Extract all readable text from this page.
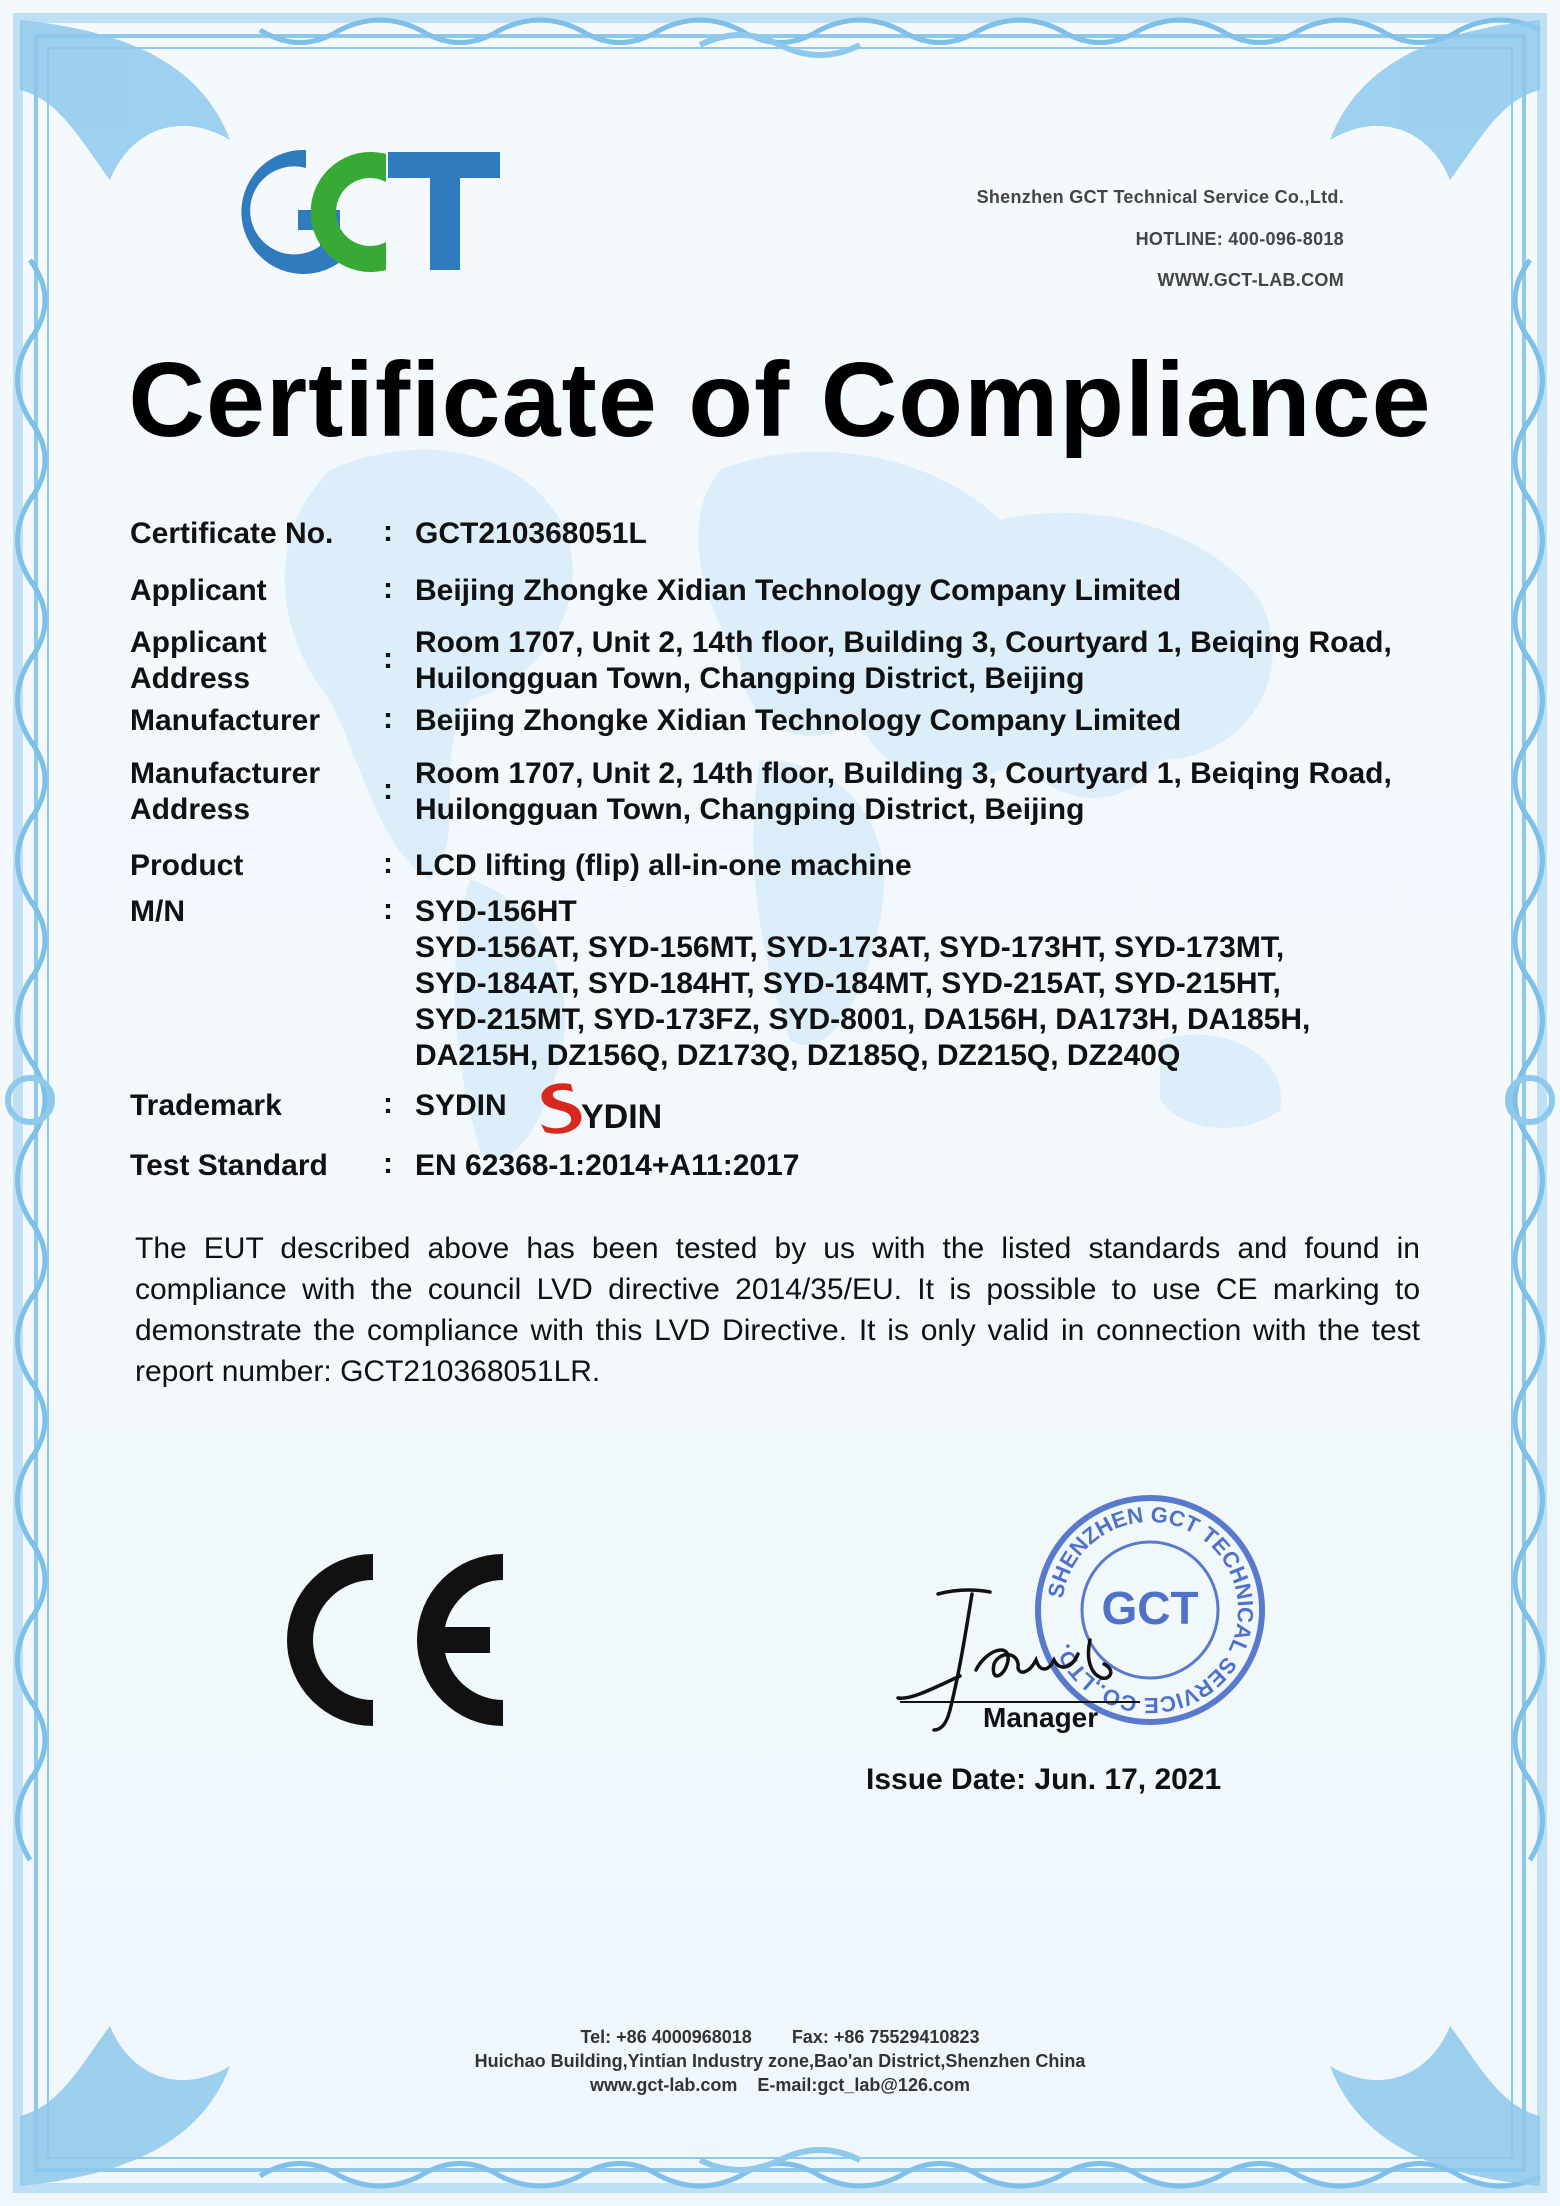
Shenzhen GCT Technical Service Co.,Ltd.
HOTLINE: 400-096-8018
WWW.GCT-LAB.COM
Certificate of Compliance
Certificate No.	: GCT210368051L
Applicant	: Beijing Zhongke Xidian Technology Company Limited
Applicant
Address
: Room 1707, Unit 2, 14th floor, Building 3, Courtyard 1, Beiqing Road,
Huilongguan Town, Changping District, Beijing
Manufacturer	: Beijing Zhongke Xidian Technology Company Limited
Manufacturer
Address
: Room 1707, Unit 2, 14th floor, Building 3, Courtyard 1, Beiqing Road,
Huilongguan Town, Changping District, Beijing
Product	: LCD lifting (flip) all-in-one machine
M/N	: SYD-156HT
SYD-156AT, SYD-156MT, SYD-173AT, SYD-173HT, SYD-173MT,
SYD-184AT, SYD-184HT, SYD-184MT, SYD-215AT, SYD-215HT,
SYD-215MT, SYD-173FZ, SYD-8001, DA156H, DA173H, DA185H,
DA215H, DZ156Q, DZ173Q, DZ185Q, DZ215Q, DZ240Q
Trademark	: SYDIN	YDIN
Test Standard	: EN 62368-1:2014+A11:2017
The EUT described above has been tested by us with the listed standards and found in compliance with the council LVD directive 2014/35/EU. It is possible to use CE marking to demonstrate the compliance with this LVD Directive. It is only valid in connection with the test report number: GCT210368051LR.
SHENZHEN GCT TECHNICAL SERVICE CO.,LTD.
GCT
Manager
Issue Date: Jun. 17, 2021
Tel: +86 4000968018        Fax: +86 75529410823
Huichao Building,Yintian Industry zone,Bao'an District,Shenzhen China
www.gct-lab.com    E-mail:gct_lab@126.com
